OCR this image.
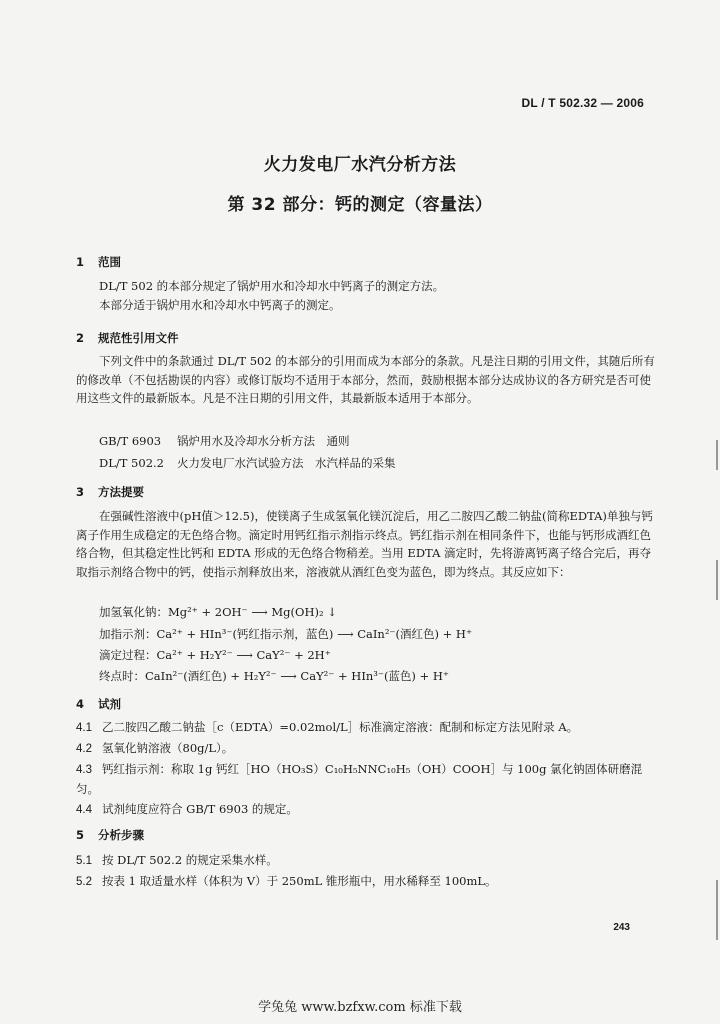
DL / T 502.32 — 2006
火力发电厂水汽分析方法
第 32 部分：钙的测定（容量法）
1 范围

DL/T 502 的本部分规定了锅炉用水和冷却水中钙离子的测定方法。

本部分适于锅炉用水和冷却水中钙离子的测定。

2 规范性引用文件

下列文件中的条款通过 DL/T 502 的本部分的引用而成为本部分的条款。凡是注日期的引用文件，其随后所有的修改单（不包括勘误的内容）或修订版均不适用于本部分，然而，鼓励根据本部分达成协议的各方研究是否可使用这些文件的最新版本。凡是不注日期的引用文件，其最新版本适用于本部分。

GB/T 6903 锅炉用水及冷却水分析方法　通则
DL/T 502.2 火力发电厂水汽试验方法　水汽样品的采集
3 方法提要

在强碱性溶液中(pH值＞12.5)，使镁离子生成氢氧化镁沉淀后，用乙二胺四乙酸二钠盐(简称EDTA)单独与钙离子作用生成稳定的无色络合物。滴定时用钙红指示剂指示终点。钙红指示剂在相同条件下，也能与钙形成酒红色络合物，但其稳定性比钙和 EDTA 形成的无色络合物稍差。当用 EDTA 滴定时，先将游离钙离子络合完后，再夺取指示剂络合物中的钙，使指示剂释放出来，溶液就从酒红色变为蓝色，即为终点。其反应如下：

加氢氧化钠：Mg²⁺ + 2OH⁻ ⟶ Mg(OH)₂ ↓
加指示剂：Ca²⁺ + HIn³⁻(钙红指示剂，蓝色) ⟶ CaIn²⁻(酒红色) + H⁺
滴定过程：Ca²⁺ + H₂Y²⁻ ⟶ CaY²⁻ + 2H⁺
终点时：CaIn²⁻(酒红色) + H₂Y²⁻ ⟶ CaY²⁻ + HIn³⁻(蓝色) + H⁺
4 试剂
4.1 乙二胺四乙酸二钠盐［c（EDTA）=0.02mol/L］标准滴定溶液：配制和标定方法见附录 A。
4.2 氢氧化钠溶液（80g/L）。
4.3 钙红指示剂：称取 1g 钙红［HO（HO₃S）C₁₀H₅NNC₁₀H₅（OH）COOH］与 100g 氯化钠固体研磨混匀。
4.4 试剂纯度应符合 GB/T 6903 的规定。
5 分析步骤
5.1 按 DL/T 502.2 的规定采集水样。
5.2 按表 1 取适量水样（体积为 V）于 250mL 锥形瓶中，用水稀释至 100mL。
243
学兔兔 www.bzfxw.com 标准下载
